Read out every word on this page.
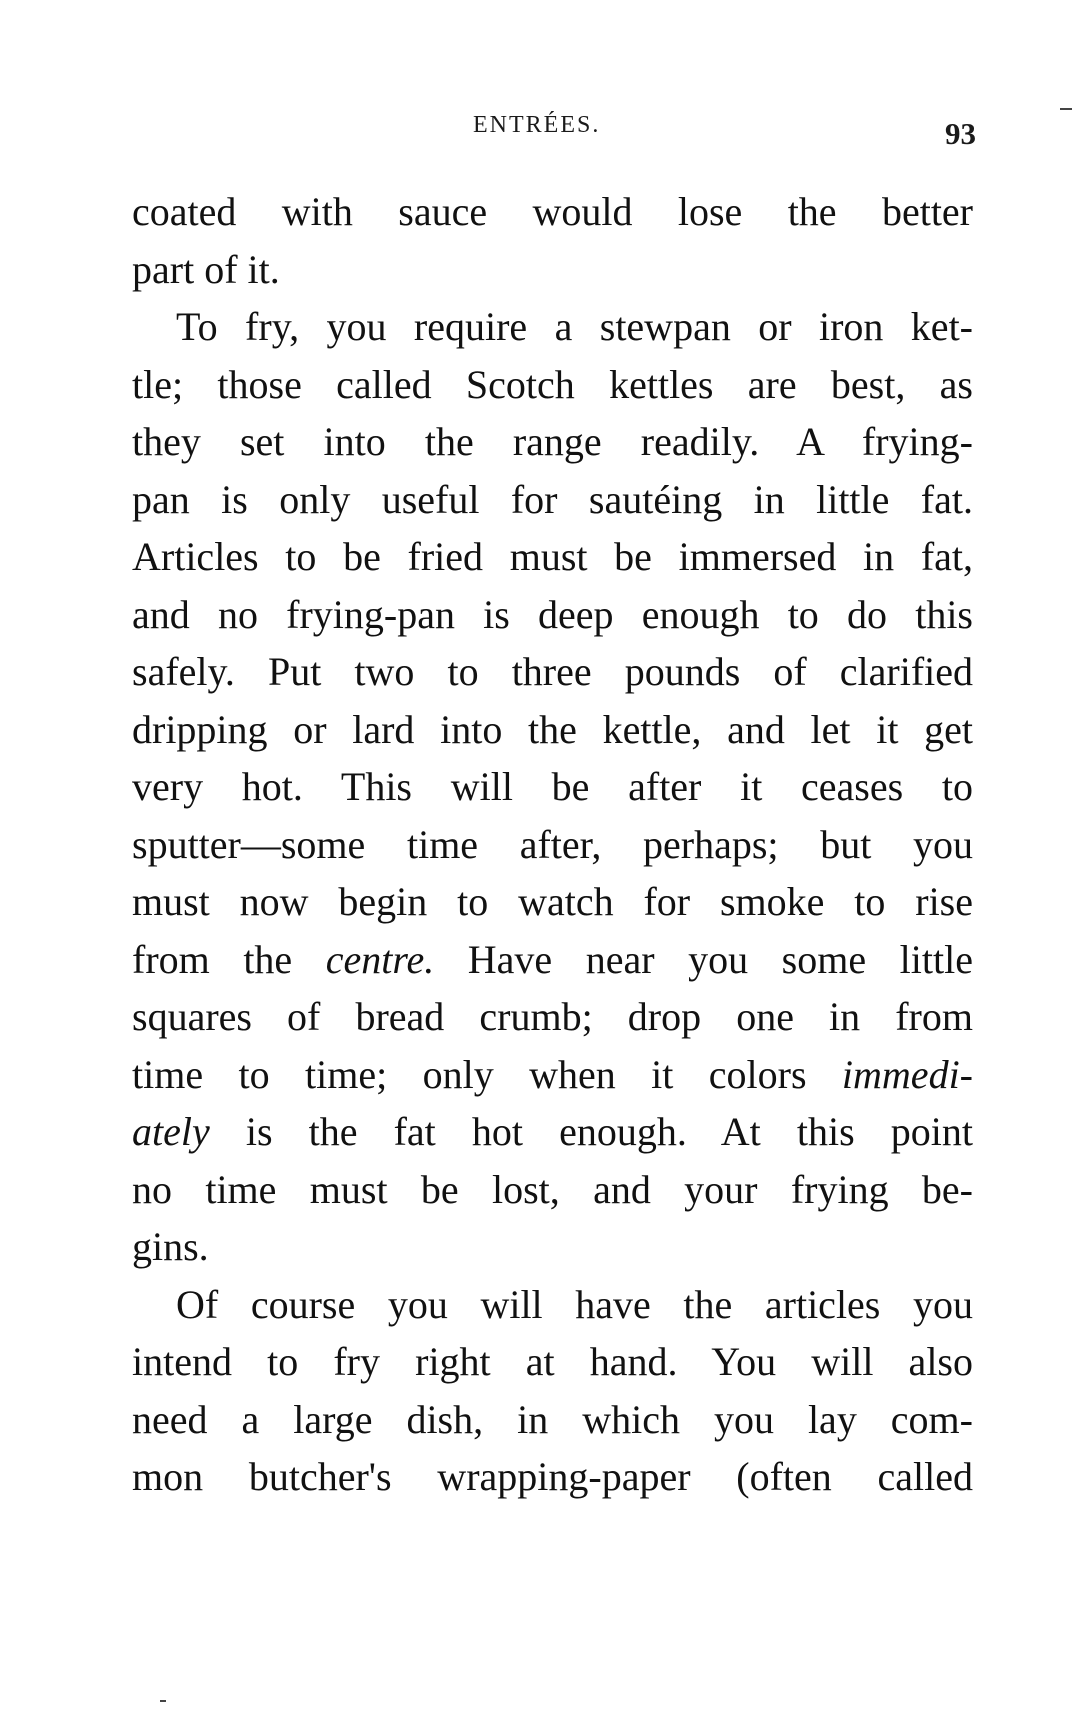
ENTRÉES.	93
coated with sauce would lose the better
part of it.
To fry, you require a stewpan or iron ket-
tle; those called Scotch kettles are best, as
they set into the range readily. A frying-
pan is only useful for sautéing in little fat.
Articles to be fried must be immersed in fat,
and no frying-pan is deep enough to do this
safely. Put two to three pounds of clarified
dripping or lard into the kettle, and let it get
very hot. This will be after it ceases to
sputter—some time after, perhaps; but you
must now begin to watch for smoke to rise
from the centre. Have near you some little
squares of bread crumb; drop one in from
time to time; only when it colors immedi-
ately is the fat hot enough. At this point
no time must be lost, and your frying be-
gins.
Of course you will have the articles you
intend to fry right at hand. You will also
need a large dish, in which you lay com-
mon butcher's wrapping-paper (often called
